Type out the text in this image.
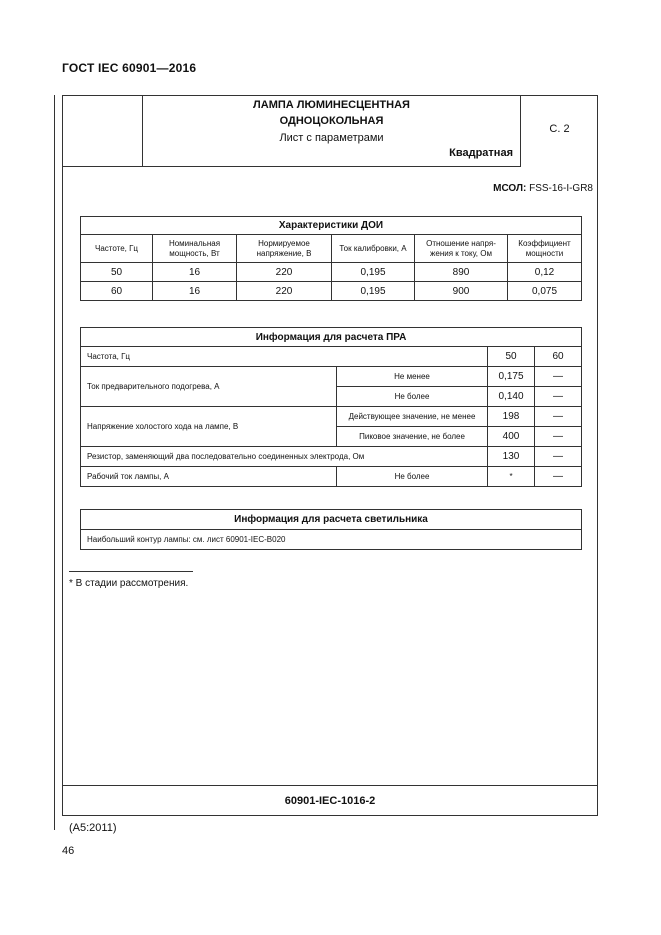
ГОСТ IEC 60901—2016
ЛАМПА ЛЮМИНЕСЦЕНТНАЯ
ОДНОЦОКОЛЬНАЯ
Лист с параметрами
Квадратная
С. 2
МСОЛ: FSS-16-I-GR8
Характеристики ДОИ					
Частоте, Гц	Номинальная мощность, Вт	Нормируемое напряжение, В	Ток калибровки, А	Отношение напря-жения к току, Ом	Коэффициент мощности
50	16	220	0,195	890	0,12
60	16	220	0,195	900	0,075
Информация для расчета ПРА			
Частота, Гц		50	60
Ток предварительного подогрева, А	Не менее	0,175	—
	Не более	0,140	—
Напряжение холостого хода на лампе, В	Действующее значение, не менее	198	—
	Пиковое значение, не более	400	—
Резистор, заменяющий два последовательно соединенных электрода, Ом		130	—
Рабочий ток лампы, А	Не более	*	—
Информация для расчета светильника
Наибольший контур лампы: см. лист 60901-IEC-B020
* В стадии рассмотрения.
60901-IEC-1016-2
(A5:2011)
46
